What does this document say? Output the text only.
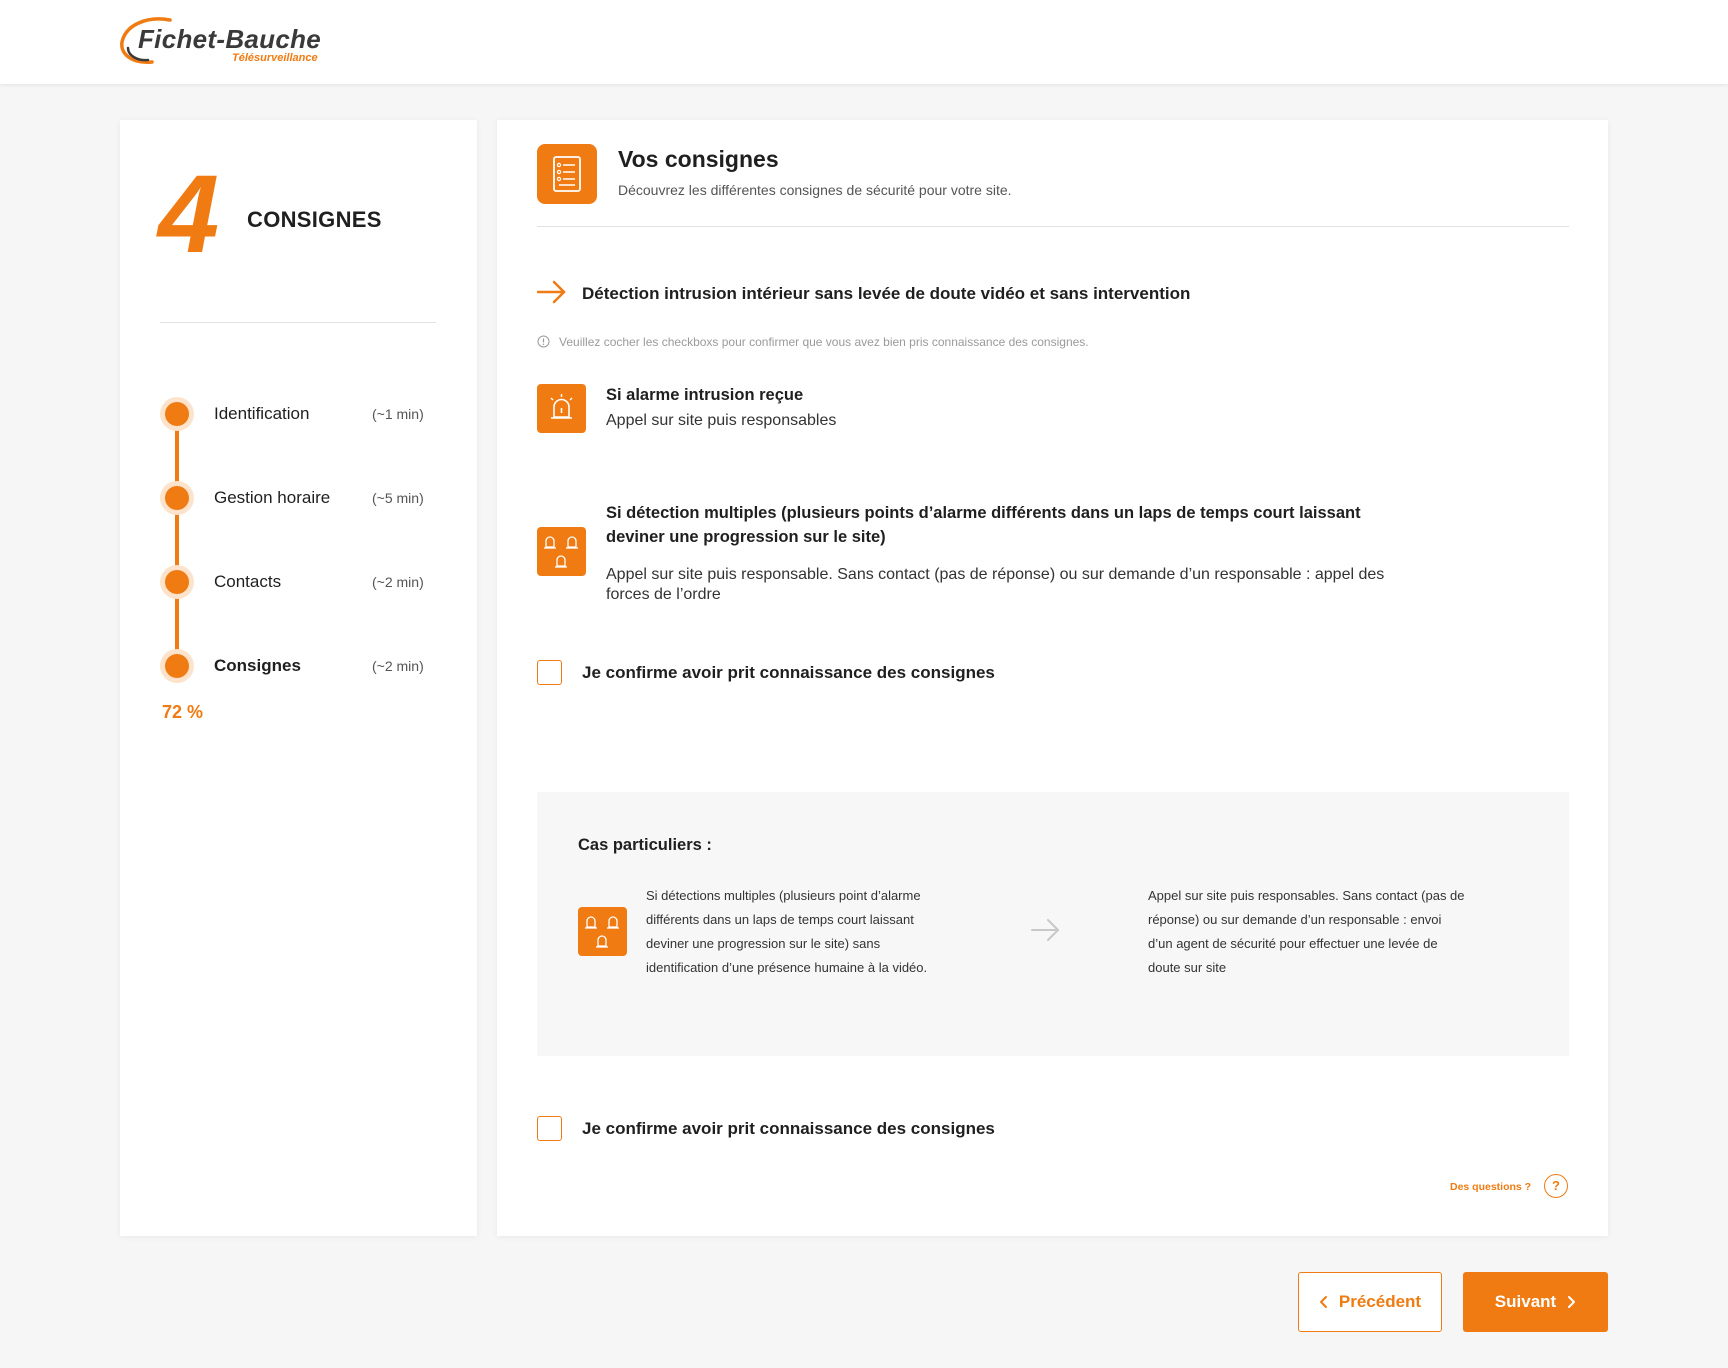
Fichet-Bauche
Télésurveillance
4 CONSIGNES
Identification	(~1 min)
Gestion horaire	(~5 min)
Contacts	(~2 min)
Consignes	(~2 min)
72 %
Vos consignes
Découvrez les différentes consignes de sécurité pour votre site.
Détection intrusion intérieur sans levée de doute vidéo et sans intervention
Veuillez cocher les checkboxs pour confirmer que vous avez bien pris connaissance des consignes.
Si alarme intrusion reçue
Appel sur site puis responsables
Si détection multiples (plusieurs points d’alarme différents dans un laps de temps court laissant deviner une progression sur le site)
Appel sur site puis responsable. Sans contact (pas de réponse) ou sur demande d’un responsable : appel des forces de l’ordre
Je confirme avoir prit connaissance des consignes
Cas particuliers :
Si détections multiples (plusieurs point d’alarme différents dans un laps de temps court laissant deviner une progression sur le site) sans identification d’une présence humaine à la vidéo.
Appel sur site puis responsables. Sans contact (pas de réponse) ou sur demande d’un responsable : envoi d’un agent de sécurité pour effectuer une levée de doute sur site
Je confirme avoir prit connaissance des consignes
Des questions ?	?
Précédent	Suivant
